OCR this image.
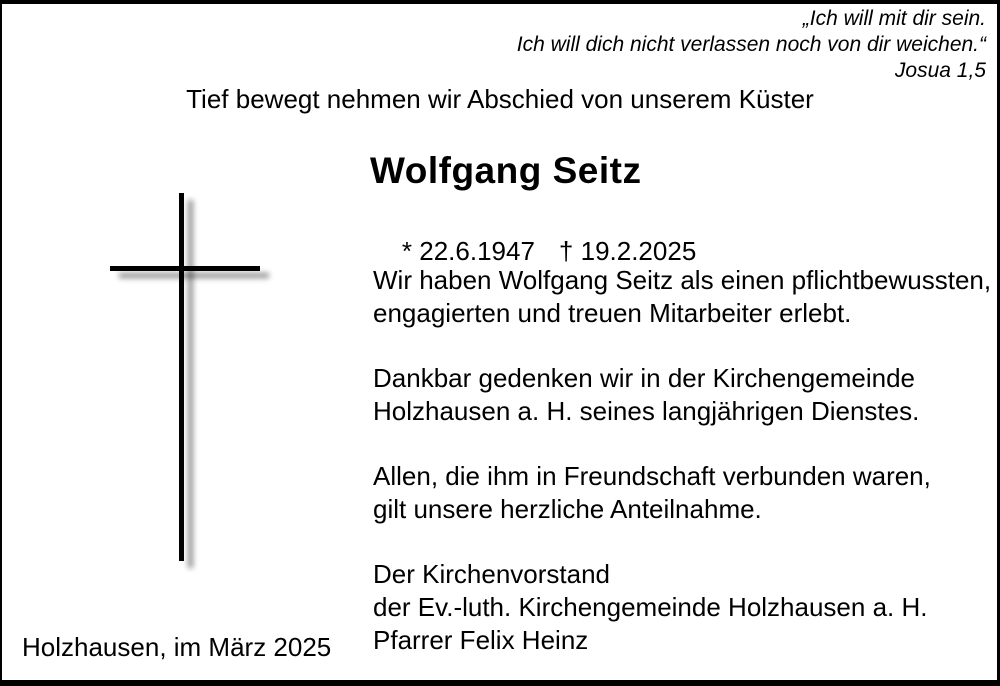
„Ich will mit dir sein.
Ich will dich nicht verlassen noch von dir weichen.“
Josua 1,5
Tief bewegt nehmen wir Abschied von unserem Küster
Wolfgang Seitz

* 22.6.1947 † 19.2.2025

Wir haben Wolfgang Seitz als einen pflichtbewussten,
engagierten und treuen Mitarbeiter erlebt.
Dankbar gedenken wir in der Kirchengemeinde
Holzhausen a. H. seines langjährigen Dienstes.
Allen, die ihm in Freundschaft verbunden waren,
gilt unsere herzliche Anteilnahme.
Der Kirchenvorstand
der Ev.-luth. Kirchengemeinde Holzhausen a. H.
Pfarrer Felix Heinz
Holzhausen, im März 2025
